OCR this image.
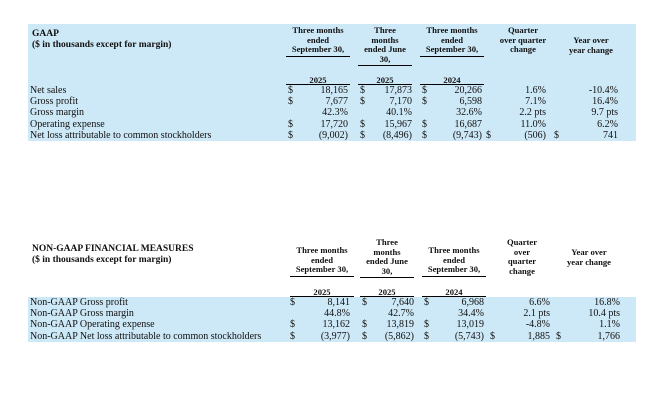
GAAP
($ in thousands except for margin)
Three months
ended
September 30,
Three
months
ended June
30,
Three months
ended
September 30,
Quarter
over quarter
change
Year over
year change
2025	2025	2024
Net sales	$	18,165 $	17,873 $	20,266	1.6%	-10.4%
Gross profit	$	7,677 $	7,170 $	6,598	7.1%	16.4%
Gross margin	42.3%	40.1%	32.6%	2.2 pts	9.7 pts
Operating expense	$	17,720 $	15,967 $	16,687	11.0%	6.2%
Net loss attributable to common stockholders	$	(9,002) $	(8,496) $	(9,743) $	(506) $	741
NON-GAAP FINANCIAL MEASURES
($ in thousands except for margin)
Three months
ended
September 30,
Three
months
ended June
30,
Three months
ended
September 30,
Quarter
over
quarter
change
Year over
year change
2025	2025	2024
Non-GAAP Gross profit	$	8,141 $	7,640 $	6,968	6.6%	16.8%
Non-GAAP Gross margin	44.8%	42.7%	34.4%	2.1 pts	10.4 pts
Non-GAAP Operating expense	$	13,162 $	13,819 $	13,019	-4.8%	1.1%
Non-GAAP Net loss attributable to common stockholders	$	(3,977) $	(5,862) $	(5,743) $	1,885 $	1,766
